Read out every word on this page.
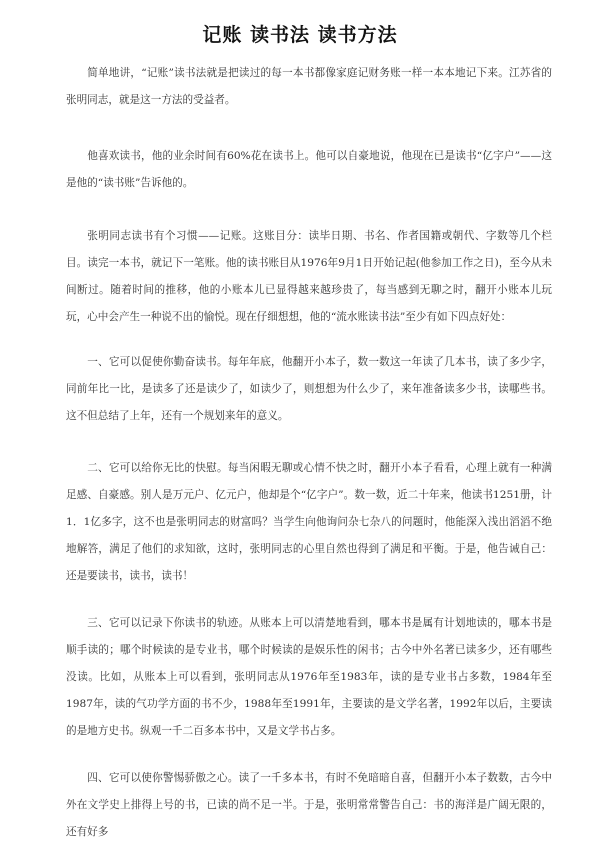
记账 读书法 读书方法

简单地讲，“记账”读书法就是把读过的每一本书都像家庭记财务账一样一本本地记下来。江苏省的张明同志，就是这一方法的受益者。

他喜欢读书，他的业余时间有60%花在读书上。他可以自豪地说，他现在已是读书“亿字户”——这是他的“读书账”告诉他的。

张明同志读书有个习惯——记账。这账目分：读毕日期、书名、作者国籍或朝代、字数等几个栏目。读完一本书，就记下一笔账。他的读书账目从1976年9月1日开始记起(他参加工作之日)，至今从未间断过。随着时间的推移，他的小账本儿已显得越来越珍贵了，每当感到无聊之时，翻开小账本儿玩玩，心中会产生一种说不出的愉悦。现在仔细想想，他的“流水账读书法”至少有如下四点好处：

一、它可以促使你勤奋读书。每年年底，他翻开小本子，数一数这一年读了几本书，读了多少字，同前年比一比，是读多了还是读少了，如读少了，则想想为什么少了，来年准备读多少书，读哪些书。这不但总结了上年，还有一个规划来年的意义。

二、它可以给你无比的快慰。每当闲暇无聊或心情不快之时，翻开小本子看看，心理上就有一种满足感、自豪感。别人是万元户、亿元户，他却是个“亿字户”。数一数，近二十年来，他读书1251册，计1．1亿多字，这不也是张明同志的财富吗？当学生向他询问杂七杂八的问题时，他能深入浅出滔滔不绝地解答，满足了他们的求知欲，这时，张明同志的心里自然也得到了满足和平衡。于是，他告诫自己：还是要读书，读书，读书！

三、它可以记录下你读书的轨迹。从账本上可以清楚地看到，哪本书是属有计划地读的，哪本书是顺手读的；哪个时候读的是专业书，哪个时候读的是娱乐性的闲书；古今中外名著已读多少，还有哪些没读。比如，从账本上可以看到，张明同志从1976年至1983年，读的是专业书占多数，1984年至1987年，读的气功学方面的书不少，1988年至1991年，主要读的是文学名著，1992年以后，主要读的是地方史书。纵观一千二百多本书中，又是文学书占多。

四、它可以使你警惕骄傲之心。读了一千多本书，有时不免暗暗自喜，但翻开小本子数数，古今中外在文学史上排得上号的书，已读的尚不足一半。于是，张明常常警告自己：书的海洋是广阔无限的，还有好多
